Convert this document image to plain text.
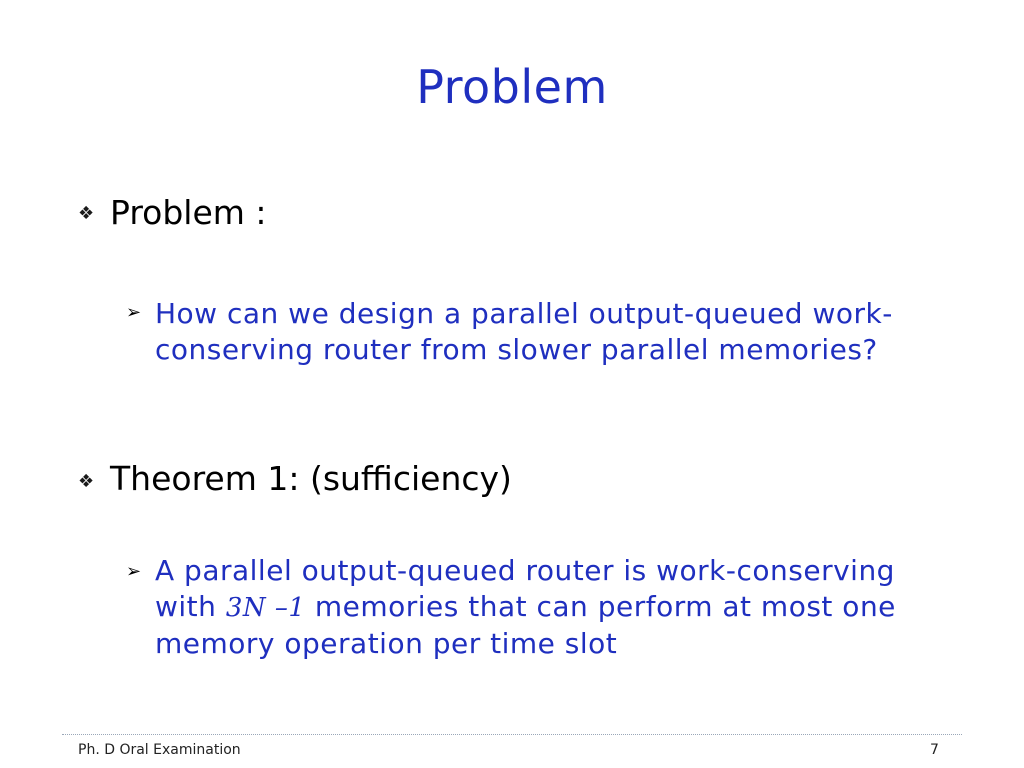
Problem
❖ Problem :
➢ How can we design a parallel output-queued work-conserving router from slower parallel memories?
❖ Theorem 1: (sufficiency)
➢ A parallel output-queued router is work-conserving with 3N –1 memories that can perform at most one memory operation per time slot
Ph. D Oral Examination	7
